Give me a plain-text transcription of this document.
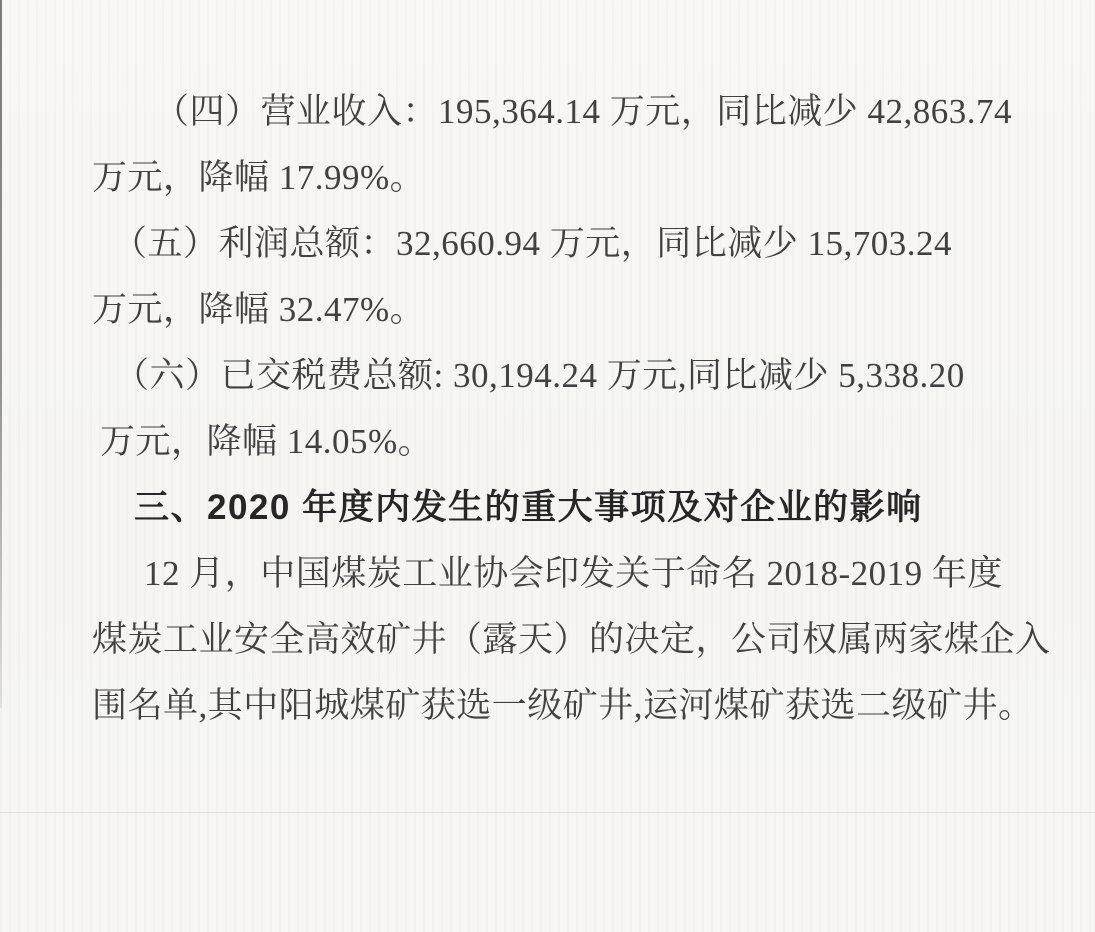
（四）营业收入：195,364.14 万元，同比减少 42,863.74
万元，降幅 17.99%。
（五）利润总额：32,660.94 万元，同比减少 15,703.24
万元，降幅 32.47%。
（六）已交税费总额: 30,194.24 万元,同比减少 5,338.20
万元，降幅 14.05%。
三、2020 年度内发生的重大事项及对企业的影响
12 月，中国煤炭工业协会印发关于命名 2018-2019 年度
煤炭工业安全高效矿井（露天）的决定，公司权属两家煤企入
围名单,其中阳城煤矿获选一级矿井,运河煤矿获选二级矿井。
